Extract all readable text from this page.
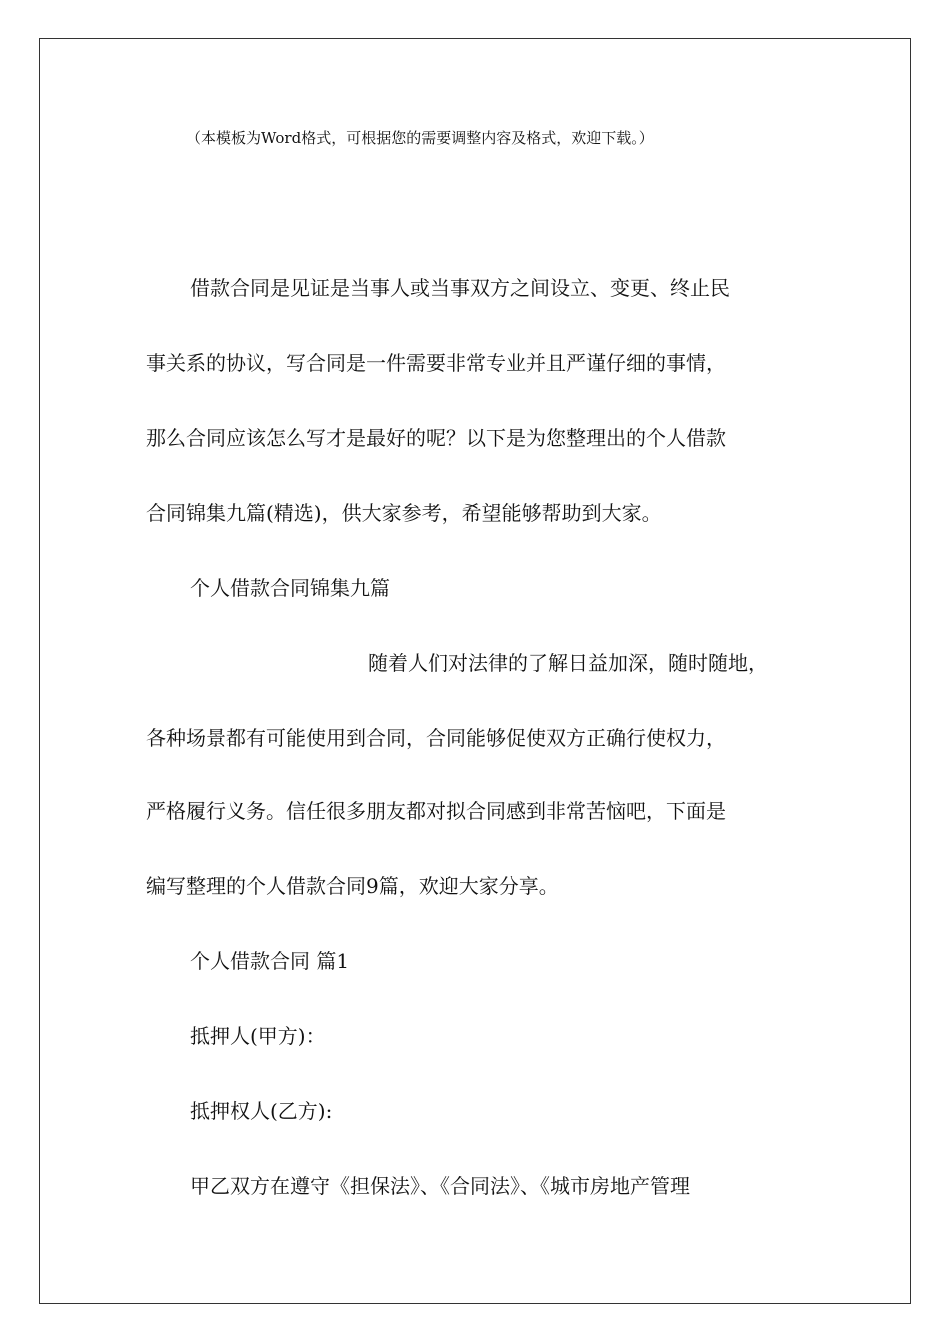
（本模板为Word格式，可根据您的需要调整内容及格式，欢迎下载。）
借款合同是见证是当事人或当事双方之间设立、变更、终止民
事关系的协议，写合同是一件需要非常专业并且严谨仔细的事情，
那么合同应该怎么写才是最好的呢？以下是为您整理出的个人借款
合同锦集九篇(精选)，供大家参考，希望能够帮助到大家。
个人借款合同锦集九篇
随着人们对法律的了解日益加深，随时随地，
各种场景都有可能使用到合同，合同能够促使双方正确行使权力，
严格履行义务。信任很多朋友都对拟合同感到非常苦恼吧，下面是
编写整理的个人借款合同9篇，欢迎大家分享。
个人借款合同 篇1
抵押人(甲方)：
抵押权人(乙方):
甲乙双方在遵守《担保法》、《合同法》、《城市房地产管理
